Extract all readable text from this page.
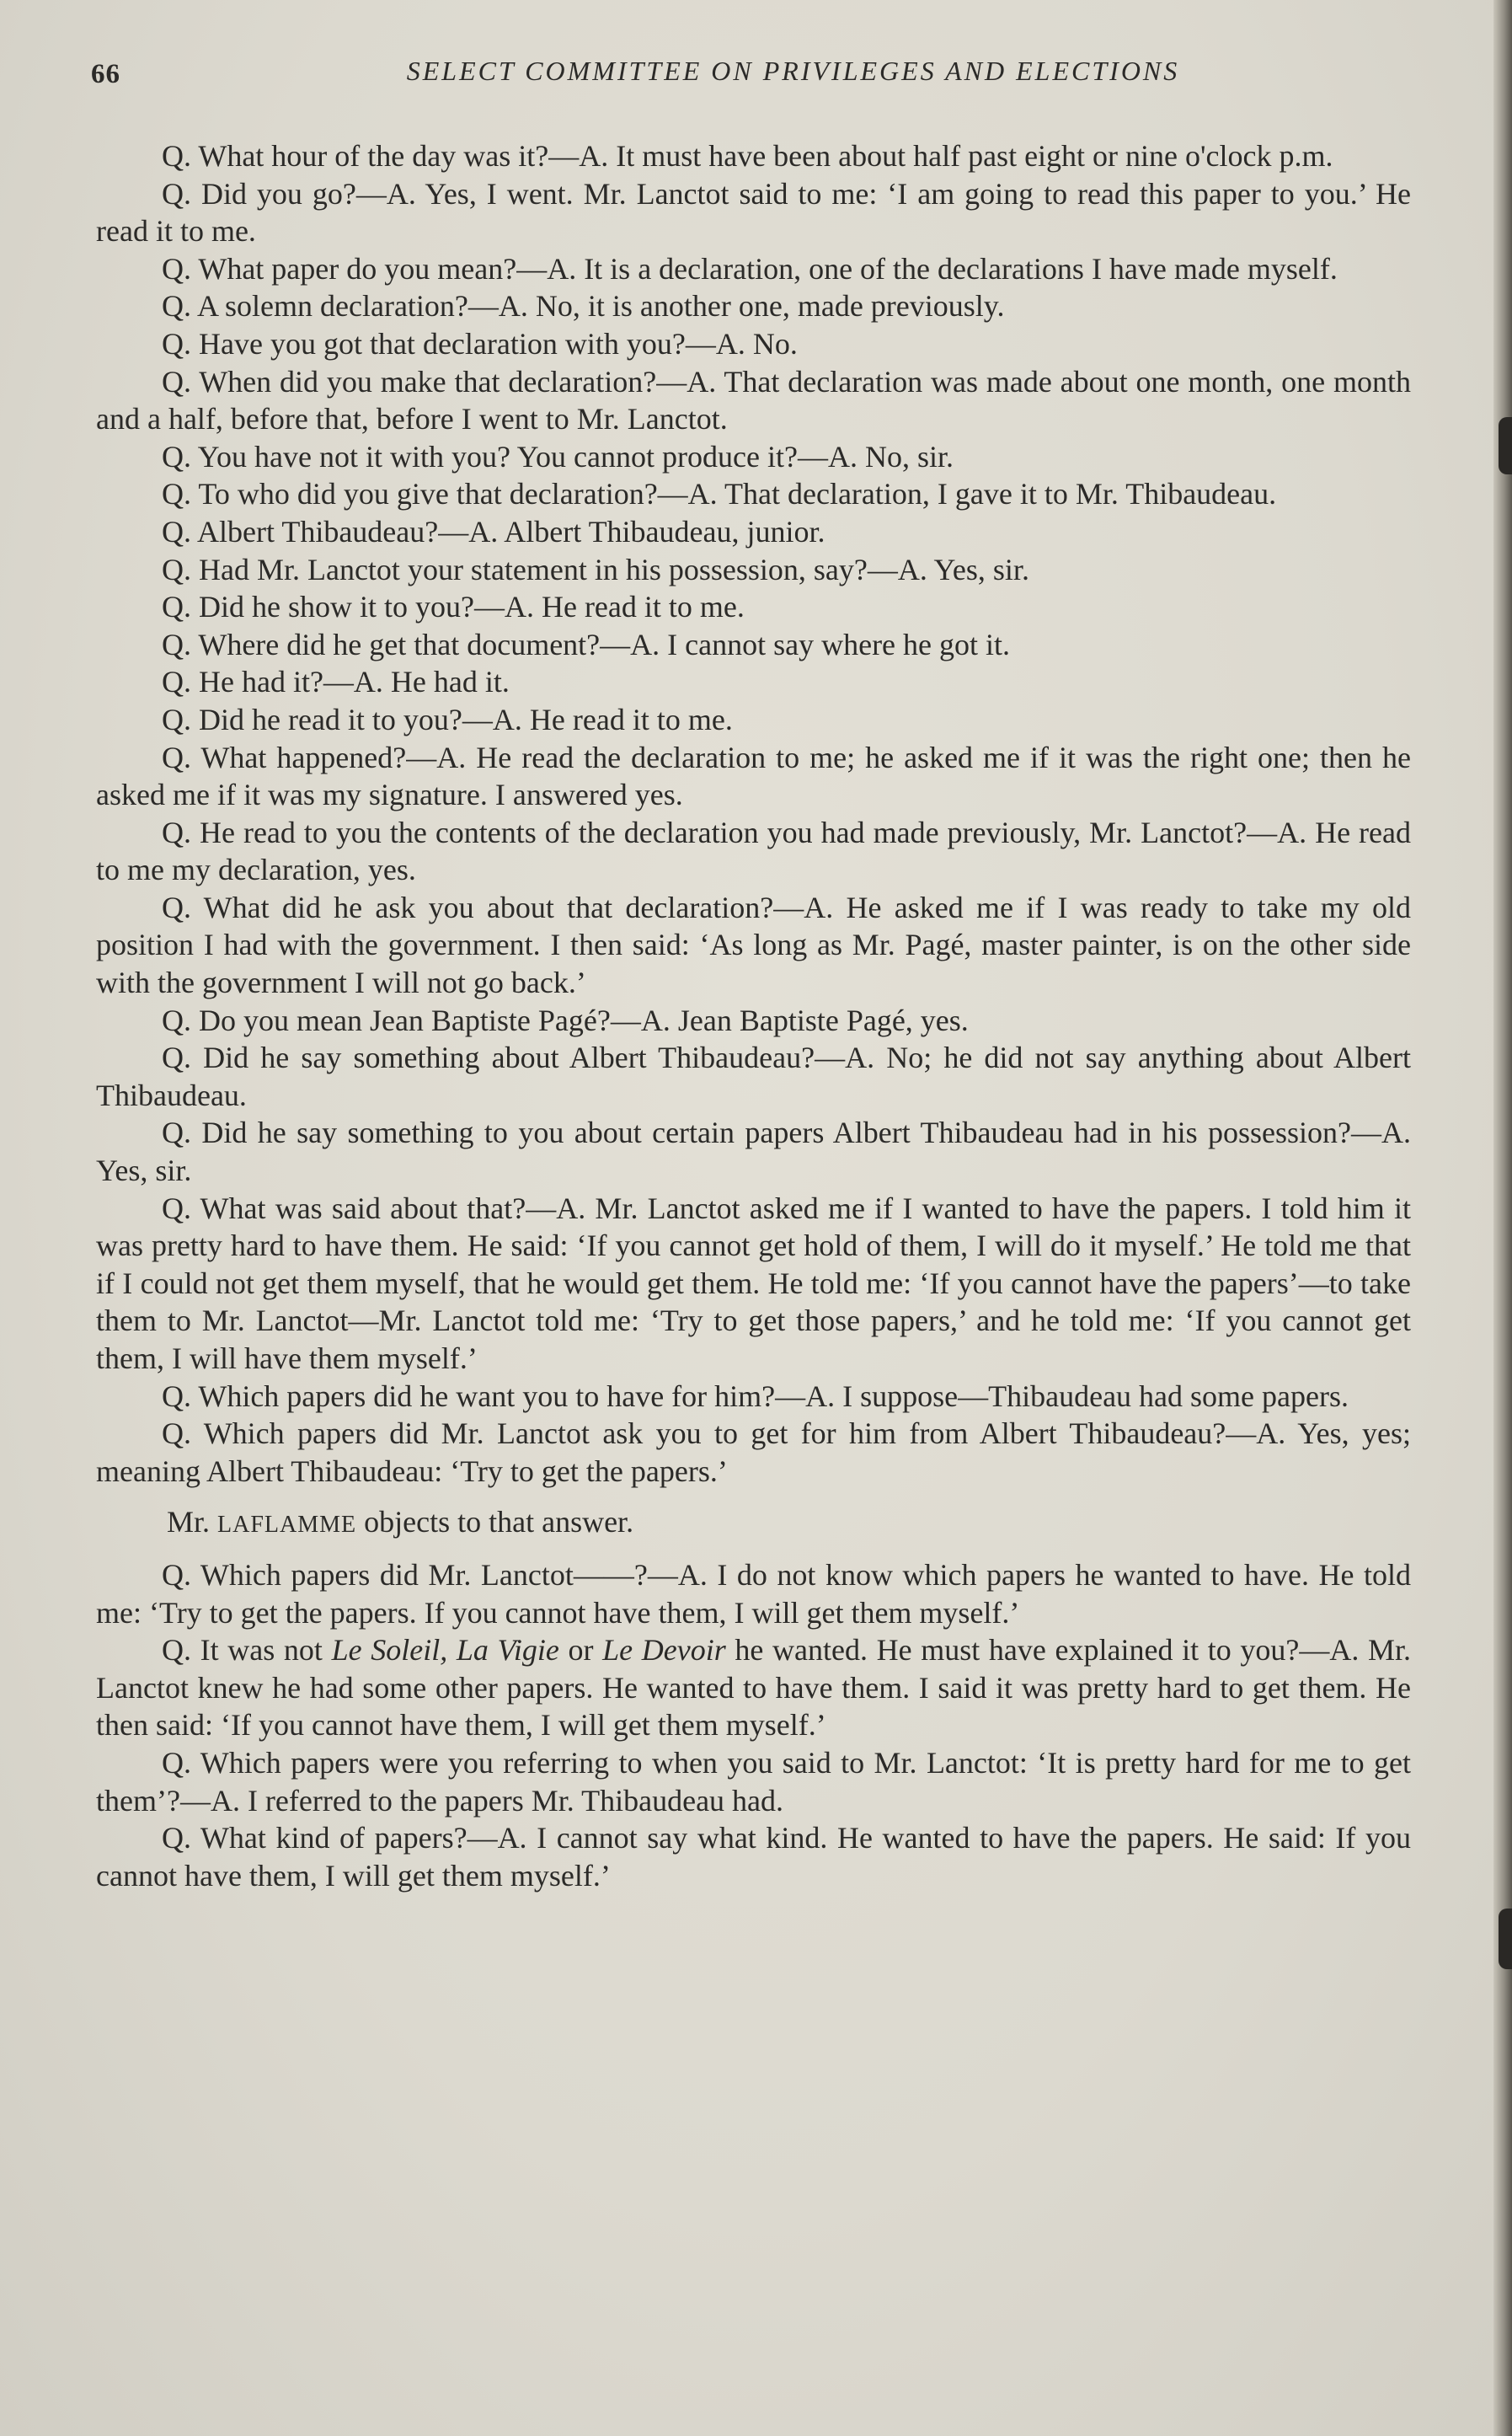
66	SELECT COMMITTEE ON PRIVILEGES AND ELECTIONS

Q. What hour of the day was it?—A. It must have been about half past eight or nine o'clock p.m.

Q. Did you go?—A. Yes, I went. Mr. Lanctot said to me: ‘I am going to read this paper to you.’ He read it to me.

Q. What paper do you mean?—A. It is a declaration, one of the declarations I have made myself.

Q. A solemn declaration?—A. No, it is another one, made previously.

Q. Have you got that declaration with you?—A. No.

Q. When did you make that declaration?—A. That declaration was made about one month, one month and a half, before that, before I went to Mr. Lanctot.

Q. You have not it with you? You cannot produce it?—A. No, sir.

Q. To who did you give that declaration?—A. That declaration, I gave it to Mr. Thibaudeau.

Q. Albert Thibaudeau?—A. Albert Thibaudeau, junior.

Q. Had Mr. Lanctot your statement in his possession, say?—A. Yes, sir.

Q. Did he show it to you?—A. He read it to me.

Q. Where did he get that document?—A. I cannot say where he got it.

Q. He had it?—A. He had it.

Q. Did he read it to you?—A. He read it to me.

Q. What happened?—A. He read the declaration to me; he asked me if it was the right one; then he asked me if it was my signature. I answered yes.

Q. He read to you the contents of the declaration you had made previously, Mr. Lanctot?—A. He read to me my declaration, yes.

Q. What did he ask you about that declaration?—A. He asked me if I was ready to take my old position I had with the government. I then said: ‘As long as Mr. Pagé, master painter, is on the other side with the government I will not go back.’

Q. Do you mean Jean Baptiste Pagé?—A. Jean Baptiste Pagé, yes.

Q. Did he say something about Albert Thibaudeau?—A. No; he did not say anything about Albert Thibaudeau.

Q. Did he say something to you about certain papers Albert Thibaudeau had in his possession?—A. Yes, sir.

Q. What was said about that?—A. Mr. Lanctot asked me if I wanted to have the papers. I told him it was pretty hard to have them. He said: ‘If you cannot get hold of them, I will do it myself.’ He told me that if I could not get them myself, that he would get them. He told me: ‘If you cannot have the papers’—to take them to Mr. Lanctot—Mr. Lanctot told me: ‘Try to get those papers,’ and he told me: ‘If you cannot get them, I will have them myself.’

Q. Which papers did he want you to have for him?—A. I suppose—Thibaudeau had some papers.

Q. Which papers did Mr. Lanctot ask you to get for him from Albert Thibaudeau?—A. Yes, yes; meaning Albert Thibaudeau: ‘Try to get the papers.’

Mr. LAFLAMME objects to that answer.

Q. Which papers did Mr. Lanctot——?—A. I do not know which papers he wanted to have. He told me: ‘Try to get the papers. If you cannot have them, I will get them myself.’

Q. It was not Le Soleil, La Vigie or Le Devoir he wanted. He must have explained it to you?—A. Mr. Lanctot knew he had some other papers. He wanted to have them. I said it was pretty hard to get them. He then said: ‘If you cannot have them, I will get them myself.’

Q. Which papers were you referring to when you said to Mr. Lanctot: ‘It is pretty hard for me to get them’?—A. I referred to the papers Mr. Thibaudeau had.

Q. What kind of papers?—A. I cannot say what kind. He wanted to have the papers. He said: If you cannot have them, I will get them myself.’
